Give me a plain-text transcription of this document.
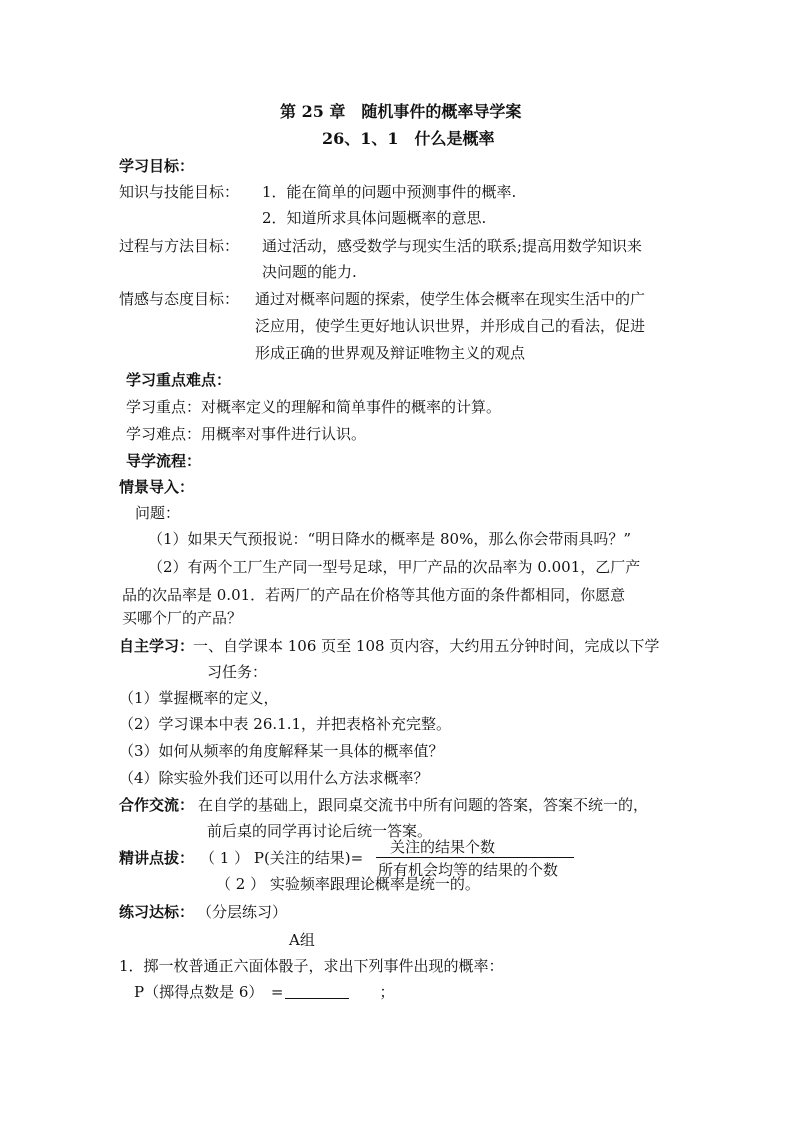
第 25 章　随机事件的概率导学案
26、1、1　什么是概率
学习目标：
知识与技能目标： 1．能在简单的问题中预测事件的概率.
2．知道所求具体问题概率的意思.
过程与方法目标： 通过活动，感受数学与现实生活的联系;提高用数学知识来
决问题的能力.
情感与态度目标： 通过对概率问题的探索，使学生体会概率在现实生活中的广
泛应用，使学生更好地认识世界，并形成自己的看法，促进
形成正确的世界观及辩证唯物主义的观点
学习重点难点：
学习重点：对概率定义的理解和简单事件的概率的计算。
学习难点：用概率对事件进行认识。
导学流程：
情景导入：
问题：
（1）如果天气预报说：“明日降水的概率是 80%，那么你会带雨具吗？”
（2）有两个工厂生产同一型号足球，甲厂产品的次品率为 0.001，乙厂产
品的次品率是 0.01．若两厂的产品在价格等其他方面的条件都相同，你愿意
买哪个厂的产品？
自主学习：
一、自学课本 106 页至 108 页内容，大约用五分钟时间，完成以下学
习任务：
（1）掌握概率的定义，
（2）学习课本中表 26.1.1，并把表格补充完整。
（3）如何从频率的角度解释某一具体的概率值？
（4）除实验外我们还可以用什么方法求概率？
合作交流： 在自学的基础上，跟同桌交流书中所有问题的答案，答案不统一的，
前后桌的同学再讨论后统一答案。
精讲点拔： （ 1 ） P(关注的结果)=
关注的结果个数
所有机会均等的结果的个数
（ 2 ） 实验频率跟理论概率是统一的。
练习达标： （分层练习）
A组
1．掷一枚普通正六面体骰子，求出下列事件出现的概率：
P（掷得点数是 6）　=	；
